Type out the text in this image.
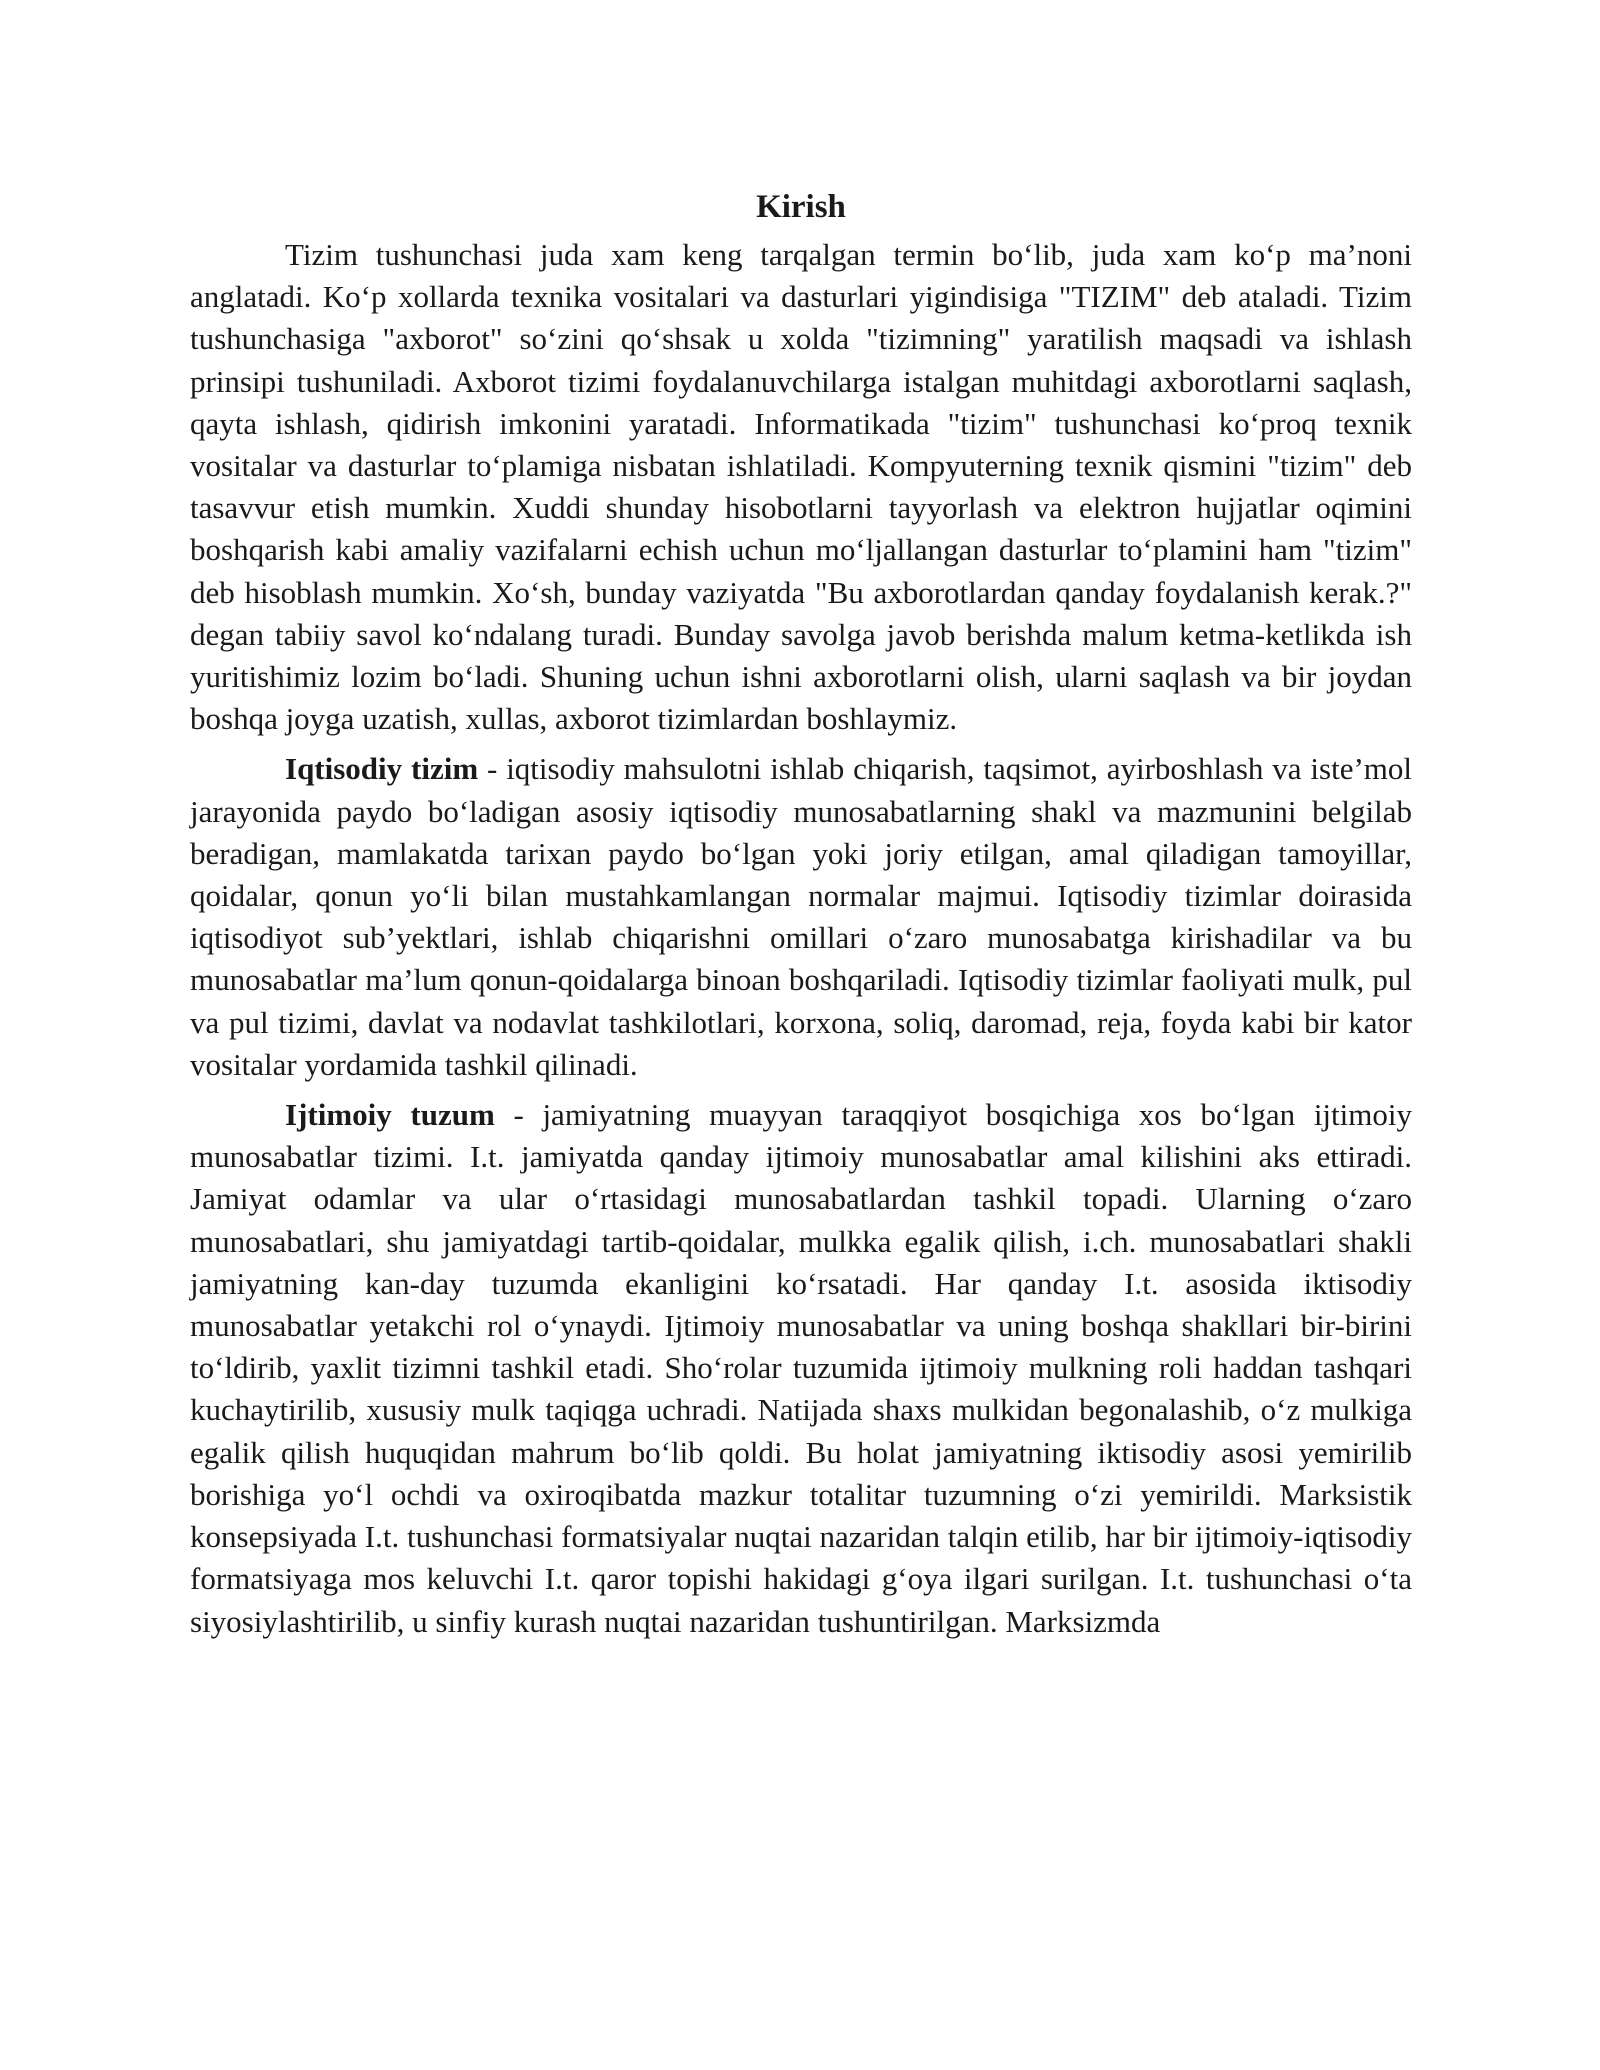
Kirish

Tizim tushunchasi juda xam keng tarqalgan termin bo‘lib, juda xam ko‘p ma’noni anglatadi. Ko‘p xollarda texnika vositalari va dasturlari yigindisiga "TIZIM" deb ataladi. Tizim tushunchasiga "axborot" so‘zini qo‘shsak u xolda "tizimning" yaratilish maqsadi va ishlash prinsipi tushuniladi. Axborot tizimi foydalanuvchilarga istalgan muhitdagi axborotlarni saqlash, qayta ishlash, qidirish imkonini yaratadi. Informatikada "tizim" tushunchasi ko‘proq texnik vositalar va dasturlar to‘plamiga nisbatan ishlatiladi. Kompyuterning texnik qismini "tizim" deb tasavvur etish mumkin. Xuddi shunday hisobotlarni tayyorlash va elektron hujjatlar oqimini boshqarish kabi amaliy vazifalarni echish uchun mo‘ljallangan dasturlar to‘plamini ham "tizim" deb hisoblash mumkin. Xo‘sh, bunday vaziyatda "Bu axborotlardan qanday foydalanish kerak.?" degan tabiiy savol ko‘ndalang turadi. Bunday savolga javob berishda malum ketma-ketlikda ish yuritishimiz lozim bo‘ladi. Shuning uchun ishni axborotlarni olish, ularni saqlash va bir joydan boshqa joyga uzatish, xullas, axborot tizimlardan boshlaymiz.

Iqtisodiy tizim - iqtisodiy mahsulotni ishlab chiqarish, taqsimot, ayirboshlash va iste’mol jarayonida paydo bo‘ladigan asosiy iqtisodiy munosabatlarning shakl va mazmunini belgilab beradigan, mamlakatda tarixan paydo bo‘lgan yoki joriy etilgan, amal qiladigan tamoyillar, qoidalar, qonun yo‘li bilan mustahkamlangan normalar majmui. Iqtisodiy tizimlar doirasida iqtisodiyot sub’yektlari, ishlab chiqarishni omillari o‘zaro munosabatga kirishadilar va bu munosabatlar ma’lum qonun-qoidalarga binoan boshqariladi. Iqtisodiy tizimlar faoliyati mulk, pul va pul tizimi, davlat va nodavlat tashkilotlari, korxona, soliq, daromad, reja, foyda kabi bir kator vositalar yordamida tashkil qilinadi.

Ijtimoiy tuzum - jamiyatning muayyan taraqqiyot bosqichiga xos bo‘lgan ijtimoiy munosabatlar tizimi. I.t. jamiyatda qanday ijtimoiy munosabatlar amal kilishini aks ettiradi. Jamiyat odamlar va ular o‘rtasidagi munosabatlardan tashkil topadi. Ularning o‘zaro munosabatlari, shu jamiyatdagi tartib-qoidalar, mulkka egalik qilish, i.ch. munosabatlari shakli jamiyatning kan-day tuzumda ekanligini ko‘rsatadi. Har qanday I.t. asosida iktisodiy munosabatlar yetakchi rol o‘ynaydi. Ijtimoiy munosabatlar va uning boshqa shakllari bir-birini to‘ldirib, yaxlit tizimni tashkil etadi. Sho‘rolar tuzumida ijtimoiy mulkning roli haddan tashqari kuchaytirilib, xususiy mulk taqiqga uchradi. Natijada shaxs mulkidan begonalashib, o‘z mulkiga egalik qilish huquqidan mahrum bo‘lib qoldi. Bu holat jamiyatning iktisodiy asosi yemirilib borishiga yo‘l ochdi va oxiroqibatda mazkur totalitar tuzumning o‘zi yemirildi. Marksistik konsepsiyada I.t. tushunchasi formatsiyalar nuqtai nazaridan talqin etilib, har bir ijtimoiy-iqtisodiy formatsiyaga mos keluvchi I.t. qaror topishi hakidagi g‘oya ilgari surilgan. I.t. tushunchasi o‘ta siyosiylashtirilib, u sinfiy kurash nuqtai nazaridan tushuntirilgan. Marksizmda
